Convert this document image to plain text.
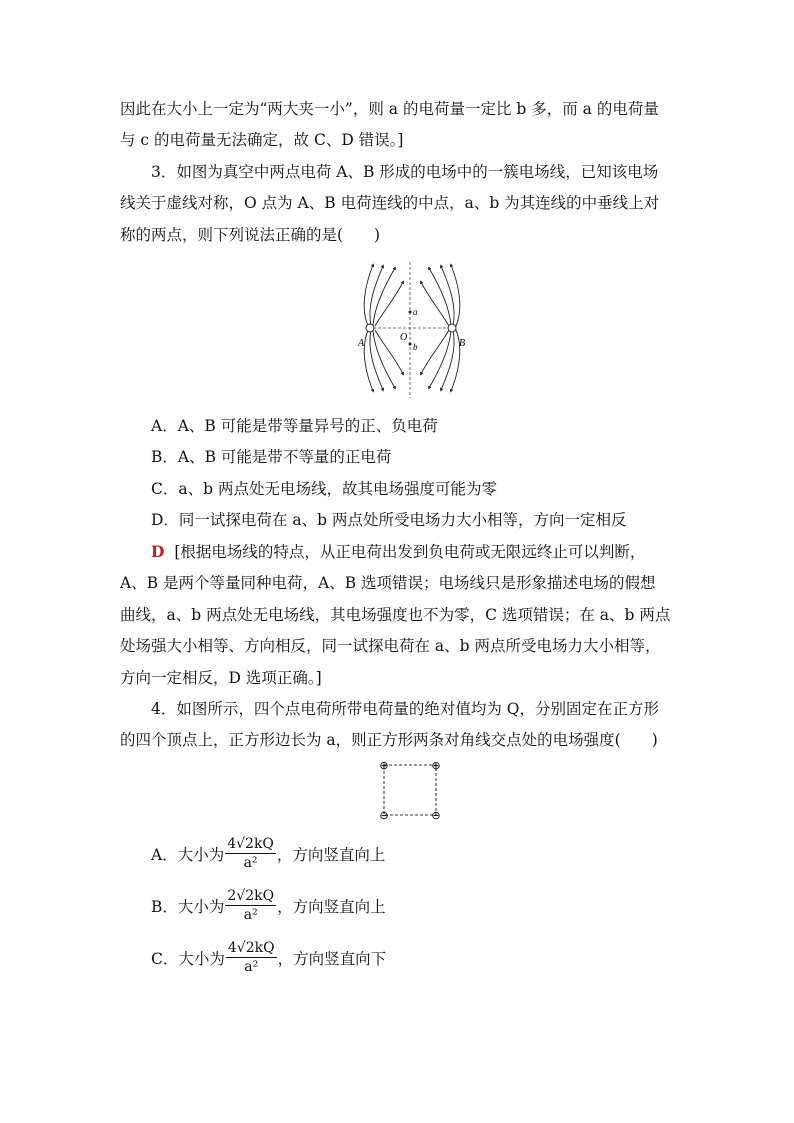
因此在大小上一定为“两大夹一小”，则 a 的电荷量一定比 b 多，而 a 的电荷量
与 c 的电荷量无法确定，故 C、D 错误。]
3．如图为真空中两点电荷 A、B 形成的电场中的一簇电场线，已知该电场
线关于虚线对称，O 点为 A、B 电荷连线的中点，a、b 为其连线的中垂线上对
称的两点，则下列说法正确的是(　　)
A	B
O
a
b
A．A、B 可能是带等量异号的正、负电荷
B．A、B 可能是带不等量的正电荷
C．a、b 两点处无电场线，故其电场强度可能为零
D．同一试探电荷在 a、b 两点处所受电场力大小相等，方向一定相反
D [根据电场线的特点，从正电荷出发到负电荷或无限远终止可以判断，
A、B 是两个等量同种电荷，A、B 选项错误；电场线只是形象描述电场的假想
曲线，a、b 两点处无电场线，其电场强度也不为零，C 选项错误；在 a、b 两点
处场强大小相等、方向相反，同一试探电荷在 a、b 两点所受电场力大小相等，
方向一定相反，D 选项正确。]
4．如图所示，四个点电荷所带电荷量的绝对值均为 Q，分别固定在正方形
的四个顶点上，正方形边长为 a，则正方形两条对角线交点处的电场强度(　　)
⊕	⊕
⊖	⊖
A．大小为 $\frac{4√2kQ}{\text{a²}}$ ，方向竖直向上
B．大小为 $\frac{2√2kQ}{\text{a²}}$ ，方向竖直向上
C．大小为 $\frac{4√2kQ}{\text{a²}}$ ，方向竖直向下
